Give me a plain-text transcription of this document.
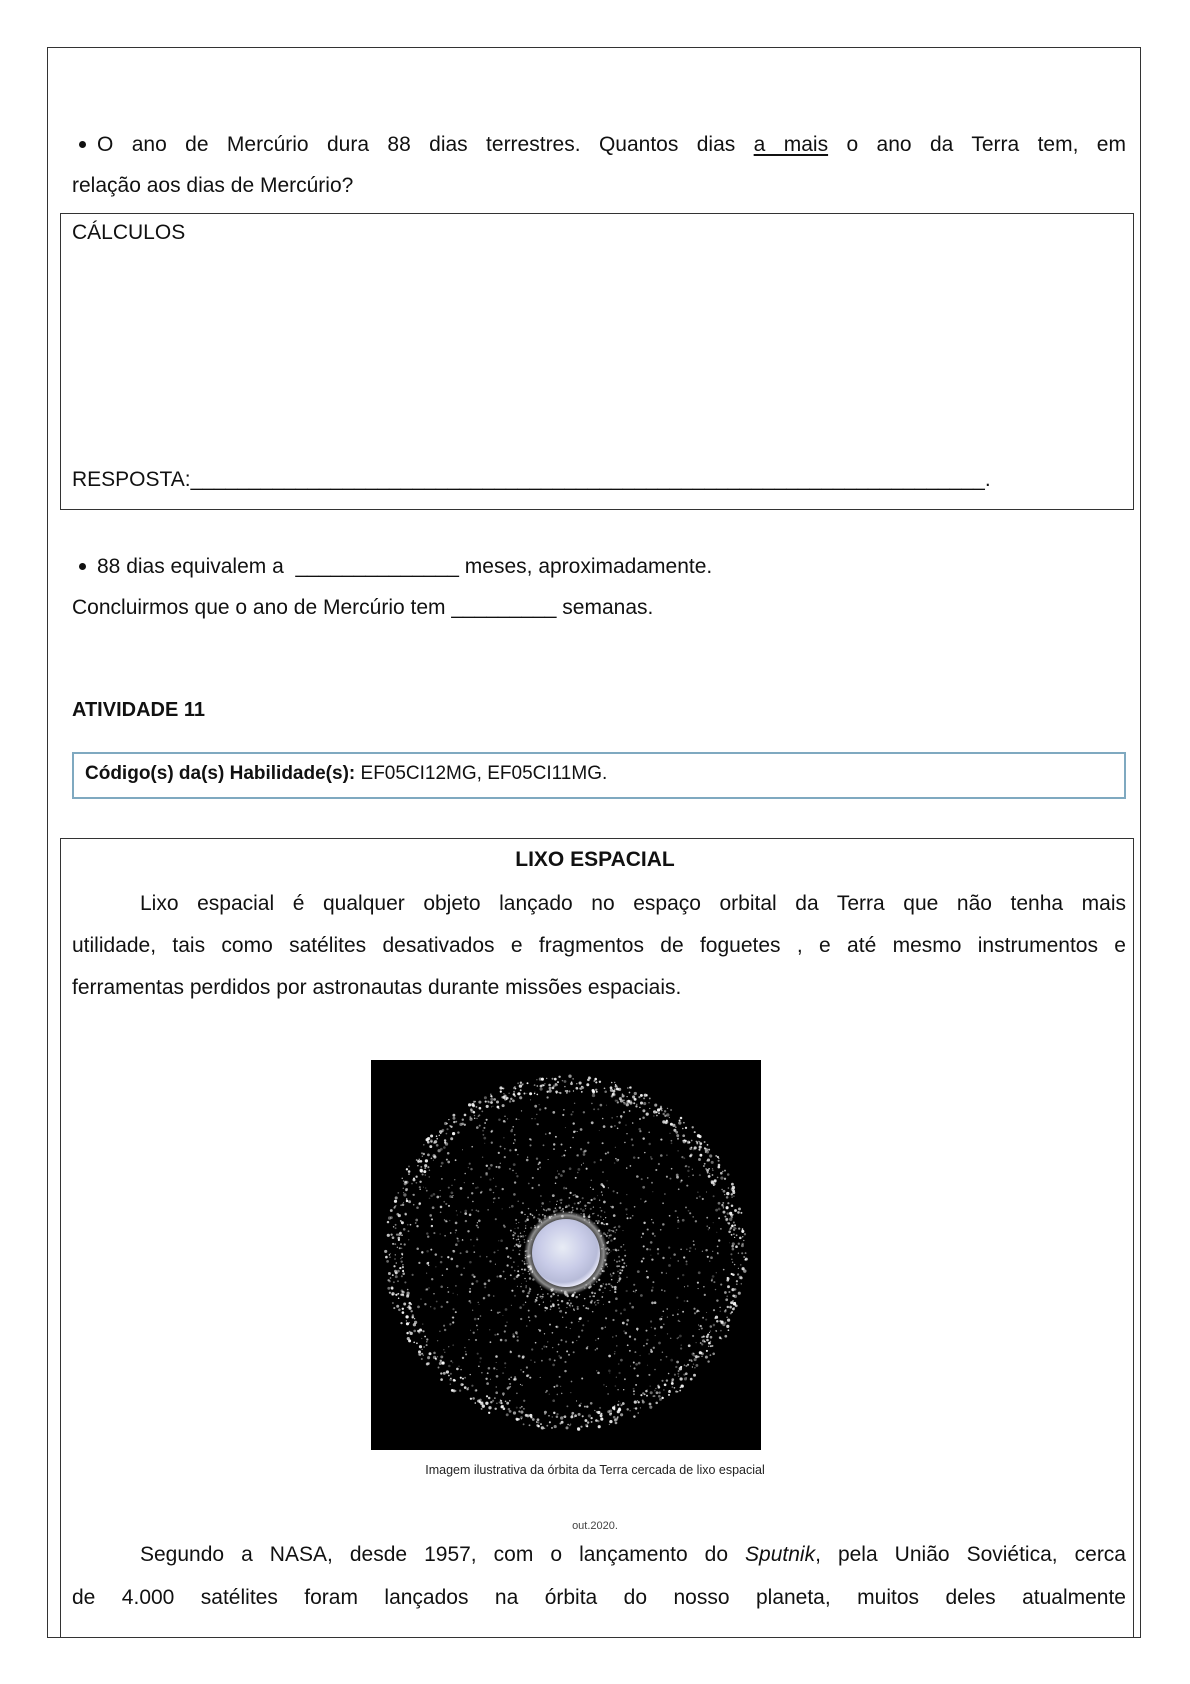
O ano de Mercúrio dura 88 dias terrestres. Quantos dias a mais o ano da Terra tem, em
relação aos dias de Mercúrio?
CÁLCULOS
RESPOSTA:____________________________________________________________________.
88 dias equivalem a  ______________ meses, aproximadamente.
Concluirmos que o ano de Mercúrio tem _________ semanas.
ATIVIDADE 11
Código(s) da(s) Habilidade(s): EF05CI12MG, EF05CI11MG.
LIXO ESPACIAL
Lixo espacial é qualquer objeto lançado no espaço orbital da Terra que não tenha mais
utilidade, tais como satélites desativados e fragmentos de foguetes , e até mesmo instrumentos e
ferramentas perdidos por astronautas durante missões espaciais.
Imagem ilustrativa da órbita da Terra cercada de lixo espacial
out.2020.
Segundo a NASA, desde 1957, com o lançamento do Sputnik, pela União Soviética, cerca
de 4.000 satélites foram lançados na órbita do nosso planeta, muitos deles atualmente
